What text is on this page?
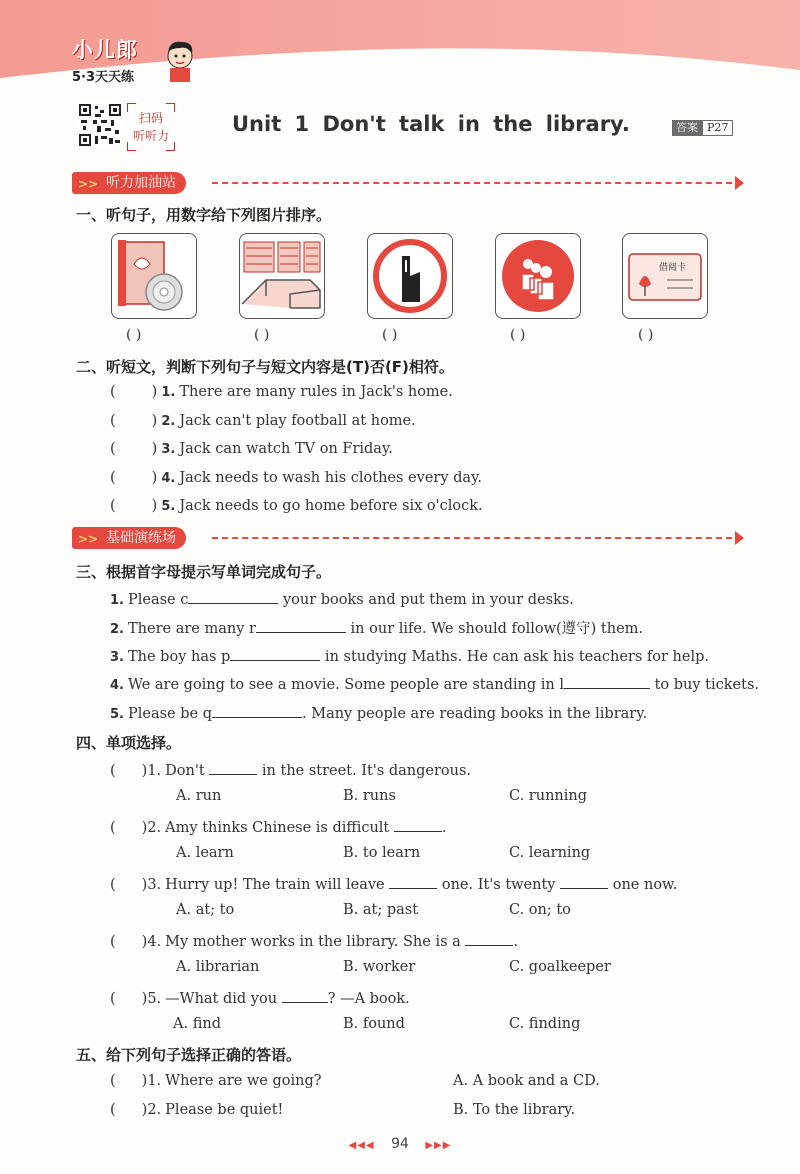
小儿郎
5·3天天练
扫码
听听力	Unit 1 Don't talk in the library.	答案 P27
听力加油站
>>
一、听句子，用数字给下列图片排序。
借阅卡
( )	( )	( )	( )	( )
二、听短文，判断下列句子与短文内容是(T)否(F)相符。
( ) 1. There are many rules in Jack's home.
( ) 2. Jack can't play football at home.
( ) 3. Jack can watch TV on Friday.
( ) 4. Jack needs to wash his clothes every day.
( ) 5. Jack needs to go home before six o'clock.
基础演练场
>>
三、根据首字母提示写单词完成句子。
1. Please c	your books and put them in your desks.
2. There are many r	in our life. We should follow(遵守) them.
3. The boy has p	in studying Maths. He can ask his teachers for help.
4. We are going to see a movie. Some people are standing in l	to buy tickets.
5. Please be q	. Many people are reading books in the library.
四、单项选择。
( )1. Don't	in the street. It's dangerous.
A. run	B. runs	C. running
( )2. Amy thinks Chinese is difficult	.
A. learn	B. to learn	C. learning
( )3. Hurry up! The train will leave	one. It's twenty	one now.
A. at; to	B. at; past	C. on; to
( )4. My mother works in the library. She is a	.
A. librarian	B. worker	C. goalkeeper
( )5. —What did you	? —A book.
A. find	B. found	C. finding
五、给下列句子选择正确的答语。
( )1. Where are we going?	A. A book and a CD.
( )2. Please be quiet!	B. To the library.
◀◀◀ 94 ▶▶▶
